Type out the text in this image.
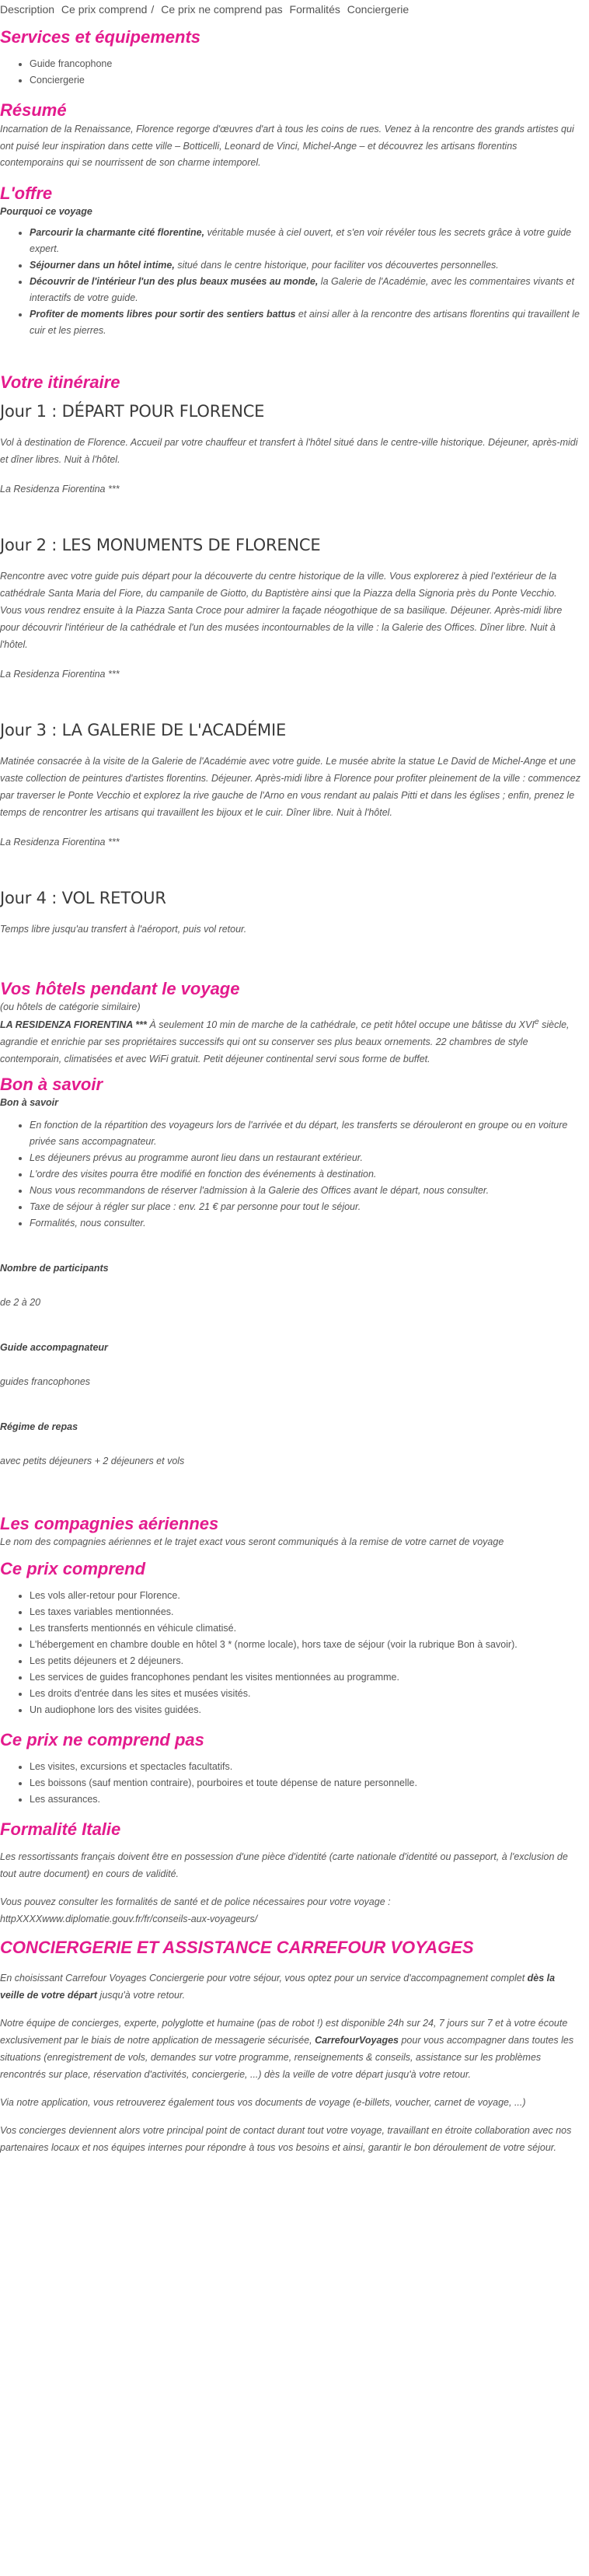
Description Ce prix comprend / Ce prix ne comprend pas Formalités Conciergerie
Services et équipements
• Guide francophone
• Conciergerie
Résumé

Incarnation de la Renaissance, Florence regorge d'œuvres d'art à tous les coins de rues. Venez à la rencontre des grands artistes qui ont puisé leur inspiration dans cette ville – Botticelli, Leonard de Vinci, Michel-Ange – et découvrez les artisans florentins contemporains qui se nourrissent de son charme intemporel.

L'offre

Pourquoi ce voyage

• Parcourir la charmante cité florentine, véritable musée à ciel ouvert, et s'en voir révéler tous les secrets grâce à votre guide expert.
• Séjourner dans un hôtel intime, situé dans le centre historique, pour faciliter vos découvertes personnelles.
• Découvrir de l'intérieur l'un des plus beaux musées au monde, la Galerie de l'Académie, avec les commentaires vivants et interactifs de votre guide.
• Profiter de moments libres pour sortir des sentiers battus et ainsi aller à la rencontre des artisans florentins qui travaillent le cuir et les pierres.
Votre itinéraire
Jour 1 : DÉPART POUR FLORENCE

Vol à destination de Florence. Accueil par votre chauffeur et transfert à l'hôtel situé dans le centre-ville historique. Déjeuner, après-midi et dîner libres. Nuit à l'hôtel.

La Residenza Fiorentina ***

Jour 2 : LES MONUMENTS DE FLORENCE

Rencontre avec votre guide puis départ pour la découverte du centre historique de la ville. Vous explorerez à pied l'extérieur de la cathédrale Santa Maria del Fiore, du campanile de Giotto, du Baptistère ainsi que la Piazza della Signoria près du Ponte Vecchio. Vous vous rendrez ensuite à la Piazza Santa Croce pour admirer la façade néogothique de sa basilique. Déjeuner. Après-midi libre pour découvrir l'intérieur de la cathédrale et l'un des musées incontournables de la ville : la Galerie des Offices. Dîner libre. Nuit à l'hôtel.

La Residenza Fiorentina ***

Jour 3 : LA GALERIE DE L'ACADÉMIE

Matinée consacrée à la visite de la Galerie de l'Académie avec votre guide. Le musée abrite la statue Le David de Michel-Ange et une vaste collection de peintures d'artistes florentins. Déjeuner. Après-midi libre à Florence pour profiter pleinement de la ville : commencez par traverser le Ponte Vecchio et explorez la rive gauche de l'Arno en vous rendant au palais Pitti et dans les églises ; enfin, prenez le temps de rencontrer les artisans qui travaillent les bijoux et le cuir. Dîner libre. Nuit à l'hôtel.

La Residenza Fiorentina ***

Jour 4 : VOL RETOUR

Temps libre jusqu'au transfert à l'aéroport, puis vol retour.

Vos hôtels pendant le voyage

(ou hôtels de catégorie similaire)

LA RESIDENZA FIORENTINA *** À seulement 10 min de marche de la cathédrale, ce petit hôtel occupe une bâtisse du XVIe siècle, agrandie et enrichie par ses propriétaires successifs qui ont su conserver ses plus beaux ornements. 22 chambres de style contemporain, climatisées et avec WiFi gratuit. Petit déjeuner continental servi sous forme de buffet.

Bon à savoir

Bon à savoir

• En fonction de la répartition des voyageurs lors de l'arrivée et du départ, les transferts se dérouleront en groupe ou en voiture privée sans accompagnateur.
• Les déjeuners prévus au programme auront lieu dans un restaurant extérieur.
• L'ordre des visites pourra être modifié en fonction des événements à destination.
• Nous vous recommandons de réserver l'admission à la Galerie des Offices avant le départ, nous consulter.
• Taxe de séjour à régler sur place : env. 21 € par personne pour tout le séjour.
• Formalités, nous consulter.

Nombre de participants

de 2 à 20

Guide accompagnateur

guides francophones

Régime de repas

avec petits déjeuners + 2 déjeuners et vols

Les compagnies aériennes

Le nom des compagnies aériennes et le trajet exact vous seront communiqués à la remise de votre carnet de voyage

Ce prix comprend
• Les vols aller-retour pour Florence.
• Les taxes variables mentionnées.
• Les transferts mentionnés en véhicule climatisé.
• L'hébergement en chambre double en hôtel 3 * (norme locale), hors taxe de séjour (voir la rubrique Bon à savoir).
• Les petits déjeuners et 2 déjeuners.
• Les services de guides francophones pendant les visites mentionnées au programme.
• Les droits d'entrée dans les sites et musées visités.
• Un audiophone lors des visites guidées.
Ce prix ne comprend pas
• Les visites, excursions et spectacles facultatifs.
• Les boissons (sauf mention contraire), pourboires et toute dépense de nature personnelle.
• Les assurances.
Formalité Italie

Les ressortissants français doivent être en possession d'une pièce d'identité (carte nationale d'identité ou passeport, à l'exclusion de tout autre document) en cours de validité.

Vous pouvez consulter les formalités de santé et de police nécessaires pour votre voyage : httpXXXXwww.diplomatie.gouv.fr/fr/conseils-aux-voyageurs/

CONCIERGERIE ET ASSISTANCE CARREFOUR VOYAGES

En choisissant Carrefour Voyages Conciergerie pour votre séjour, vous optez pour un service d'accompagnement complet dès la veille de votre départ jusqu'à votre retour.

Notre équipe de concierges, experte, polyglotte et humaine (pas de robot !) est disponible 24h sur 24, 7 jours sur 7 et à votre écoute exclusivement par le biais de notre application de messagerie sécurisée, CarrefourVoyages pour vous accompagner dans toutes les situations (enregistrement de vols, demandes sur votre programme, renseignements & conseils, assistance sur les problèmes rencontrés sur place, réservation d'activités, conciergerie, ...) dès la veille de votre départ jusqu'à votre retour.

Via notre application, vous retrouverez également tous vos documents de voyage (e-billets, voucher, carnet de voyage, ...)

Vos concierges deviennent alors votre principal point de contact durant tout votre voyage, travaillant en étroite collaboration avec nos partenaires locaux et nos équipes internes pour répondre à tous vos besoins et ainsi, garantir le bon déroulement de votre séjour.
